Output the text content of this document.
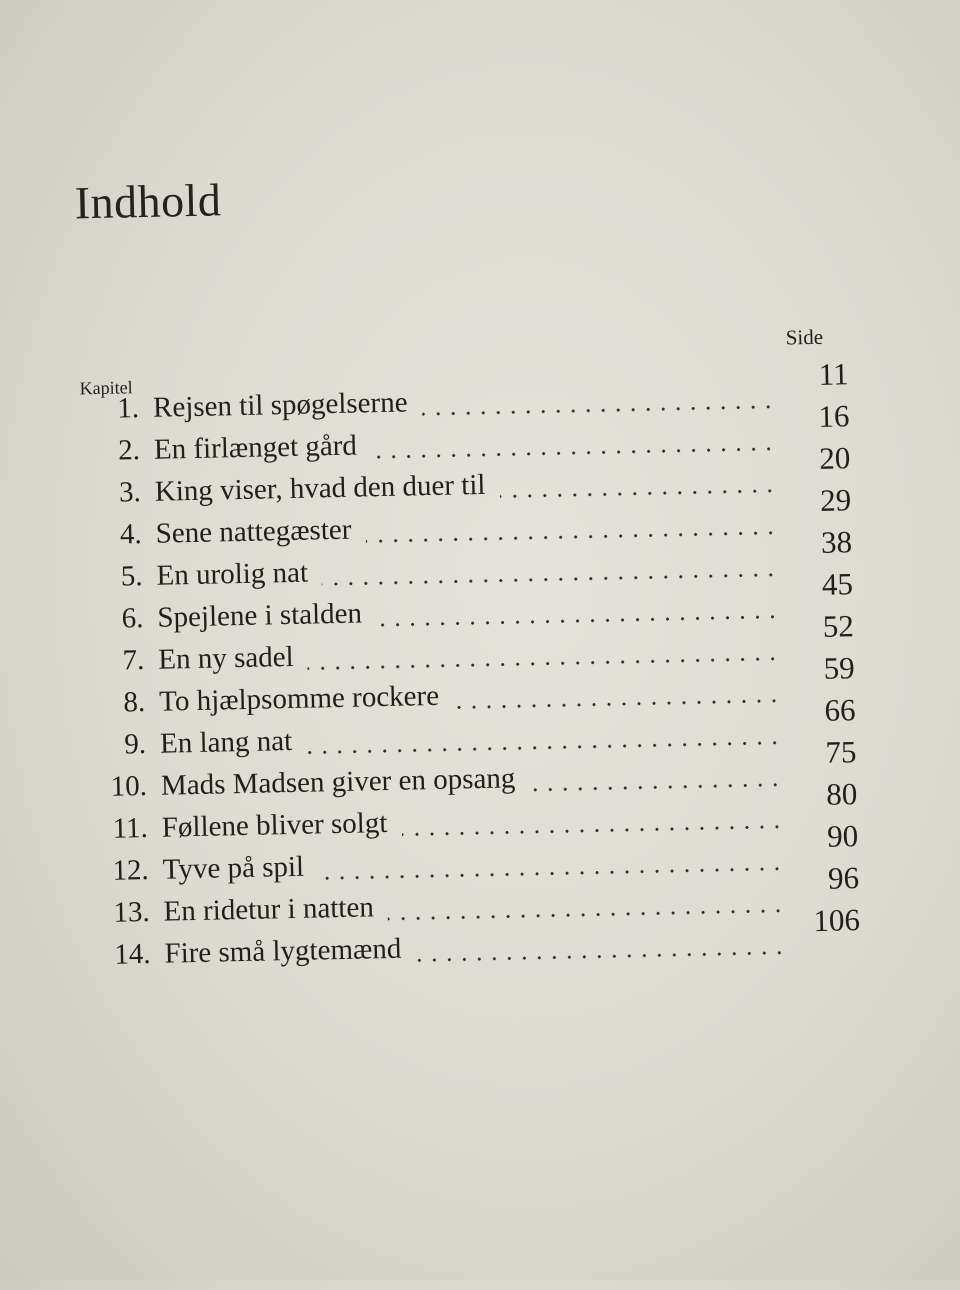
Indhold
Side
Kapitel
1. Rejsen til spøgelserne
11
2. En firlænget gård
16
3. King viser, hvad den duer til
20
4. Sene nattegæster
29
5. En urolig nat
38
6. Spejlene i stalden
45
7. En ny sadel
52
8. To hjælpsomme rockere
59
9. En lang nat
66
10. Mads Madsen giver en opsang
75
11. Føllene bliver solgt
80
12. Tyve på spil
90
13. En ridetur i natten
96
14. Fire små lygtemænd
106
